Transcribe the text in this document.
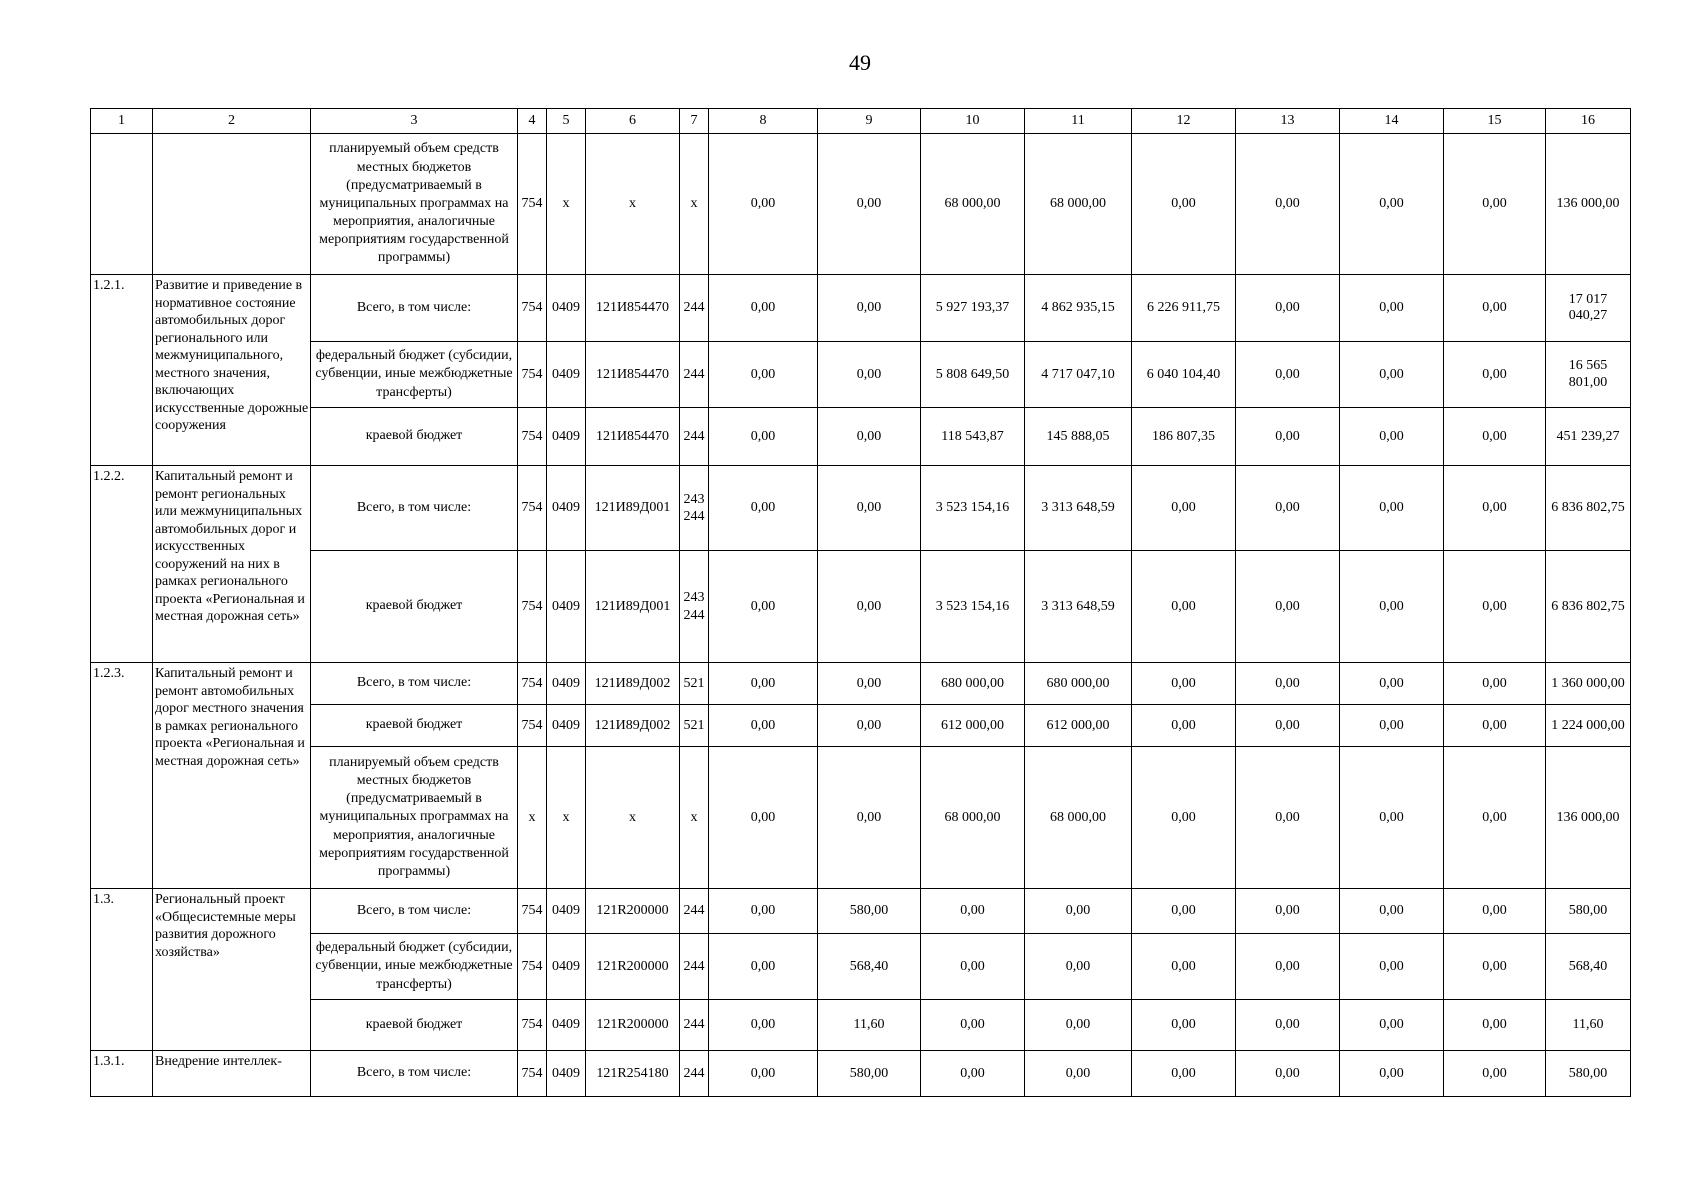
49
1	2	3	4	5	6	7	8	9	10	11	12	13	14	15	16
		планируемый объем средств местных бюджетов (предусматриваемый в муниципальных программах на мероприятия, аналогичные мероприятиям государственной программы)	754	х	х	х	0,00	0,00	68 000,00	68 000,00	0,00	0,00	0,00	0,00	136 000,00
1.2.1.	Развитие и приведение в нормативное состояние автомобильных дорог регионального или межмуниципального, местного значения, включающих искусственные дорожные сооружения	Всего, в том числе:	754	0409	121И854470	244	0,00	0,00	5 927 193,37	4 862 935,15	6 226 911,75	0,00	0,00	0,00	17 017 040,27
		федеральный бюджет (субсидии, субвенции, иные межбюджетные трансферты)	754	0409	121И854470	244	0,00	0,00	5 808 649,50	4 717 047,10	6 040 104,40	0,00	0,00	0,00	16 565 801,00
		краевой бюджет	754	0409	121И854470	244	0,00	0,00	118 543,87	145 888,05	186 807,35	0,00	0,00	0,00	451 239,27
1.2.2.	Капитальный ремонт и ремонт региональных или межмуниципальных автомобильных дорог и искусственных сооружений на них в рамках регионального проекта «Региональная и местная дорожная сеть»	Всего, в том числе:	754	0409	121И89Д001	243 244	0,00	0,00	3 523 154,16	3 313 648,59	0,00	0,00	0,00	0,00	6 836 802,75
		краевой бюджет	754	0409	121И89Д001	243 244	0,00	0,00	3 523 154,16	3 313 648,59	0,00	0,00	0,00	0,00	6 836 802,75
1.2.3.	Капитальный ремонт и ремонт автомобильных дорог местного значения в рамках регионального проекта «Региональная и местная дорожная сеть»	Всего, в том числе:	754	0409	121И89Д002	521	0,00	0,00	680 000,00	680 000,00	0,00	0,00	0,00	0,00	1 360 000,00
		краевой бюджет	754	0409	121И89Д002	521	0,00	0,00	612 000,00	612 000,00	0,00	0,00	0,00	0,00	1 224 000,00
		планируемый объем средств местных бюджетов (предусматриваемый в муниципальных программах на мероприятия, аналогичные мероприятиям государственной программы)	х	х	х	х	0,00	0,00	68 000,00	68 000,00	0,00	0,00	0,00	0,00	136 000,00
1.3.	Региональный проект «Общесистемные меры развития дорожного хозяйства»	Всего, в том числе:	754	0409	121R200000	244	0,00	580,00	0,00	0,00	0,00	0,00	0,00	0,00	580,00
		федеральный бюджет (субсидии, субвенции, иные межбюджетные трансферты)	754	0409	121R200000	244	0,00	568,40	0,00	0,00	0,00	0,00	0,00	0,00	568,40
		краевой бюджет	754	0409	121R200000	244	0,00	11,60	0,00	0,00	0,00	0,00	0,00	0,00	11,60
1.3.1.	Внедрение интеллек-	Всего, в том числе:	754	0409	121R254180	244	0,00	580,00	0,00	0,00	0,00	0,00	0,00	0,00	580,00
